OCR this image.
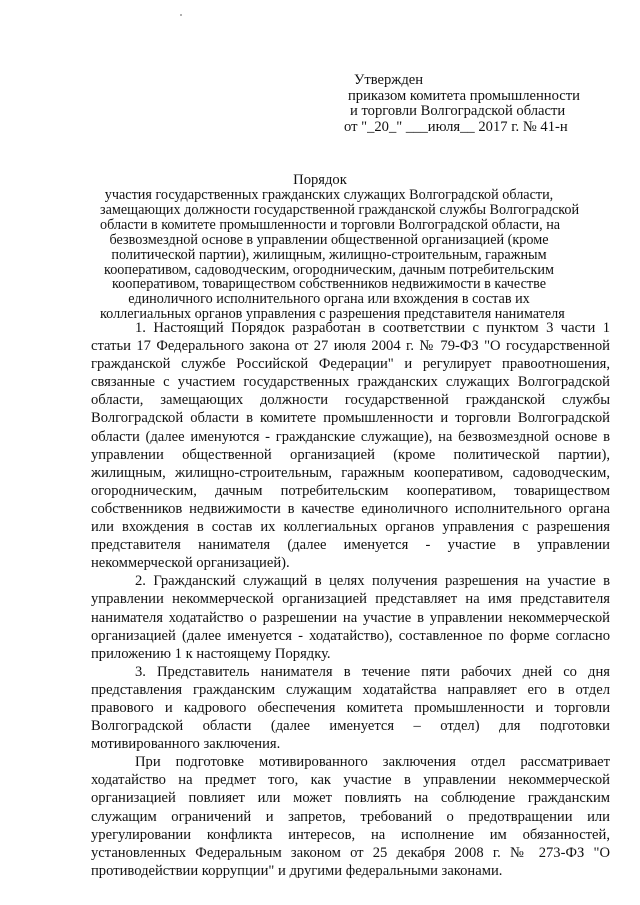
Утвержден
приказом комитета промышленности
и торговли Волгоградской области
от "_20_" ___июля__ 2017 г. № 41-н
Порядок
участия государственных гражданских служащих Волгоградской области,
замещающих должности государственной гражданской службы Волгоградской
области в комитете промышленности и торговли Волгоградской области, на
безвозмездной основе в управлении общественной организацией (кроме
политической партии), жилищным, жилищно-строительным, гаражным
кооперативом, садоводческим, огородническим, дачным потребительским
кооперативом, товариществом собственников недвижимости в качестве
единоличного исполнительного органа или вхождения в состав их
коллегиальных органов управления с разрешения представителя нанимателя

1. Настоящий Порядок разработан в соответствии с пунктом 3 части 1 статьи 17 Федерального закона от 27 июля 2004 г. № 79-ФЗ "О государственной гражданской службе Российской Федерации" и регулирует правоотношения, связанные с участием государственных гражданских служащих Волгоградской области, замещающих должности государственной гражданской службы Волгоградской области в комитете промышленности и торговли Волгоградской области (далее именуются - гражданские служащие), на безвозмездной основе в управлении общественной организацией (кроме политической партии), жилищным, жилищно-строительным, гаражным кооперативом, садоводческим, огородническим, дачным потребительским кооперативом, товариществом собственников недвижимости в качестве единоличного исполнительного органа или вхождения в состав их коллегиальных органов управления с разрешения представителя нанимателя (далее именуется - участие в управлении некоммерческой организацией).

2. Гражданский служащий в целях получения разрешения на участие в управлении некоммерческой организацией представляет на имя представителя нанимателя ходатайство о разрешении на участие в управлении некоммерческой организацией (далее именуется - ходатайство), составленное по форме согласно приложению 1 к настоящему Порядку.

3. Представитель нанимателя в течение пяти рабочих дней со дня представления гражданским служащим ходатайства направляет его в отдел правового и кадрового обеспечения комитета промышленности и торговли Волгоградской области (далее именуется – отдел) для подготовки мотивированного заключения.

При подготовке мотивированного заключения отдел рассматривает ходатайство на предмет того, как участие в управлении некоммерческой организацией повлияет или может повлиять на соблюдение гражданским служащим ограничений и запретов, требований о предотвращении или урегулировании конфликта интересов, на исполнение им обязанностей, установленных Федеральным законом от 25 декабря 2008 г. № 273-ФЗ "О противодействии коррупции" и другими федеральными законами.
